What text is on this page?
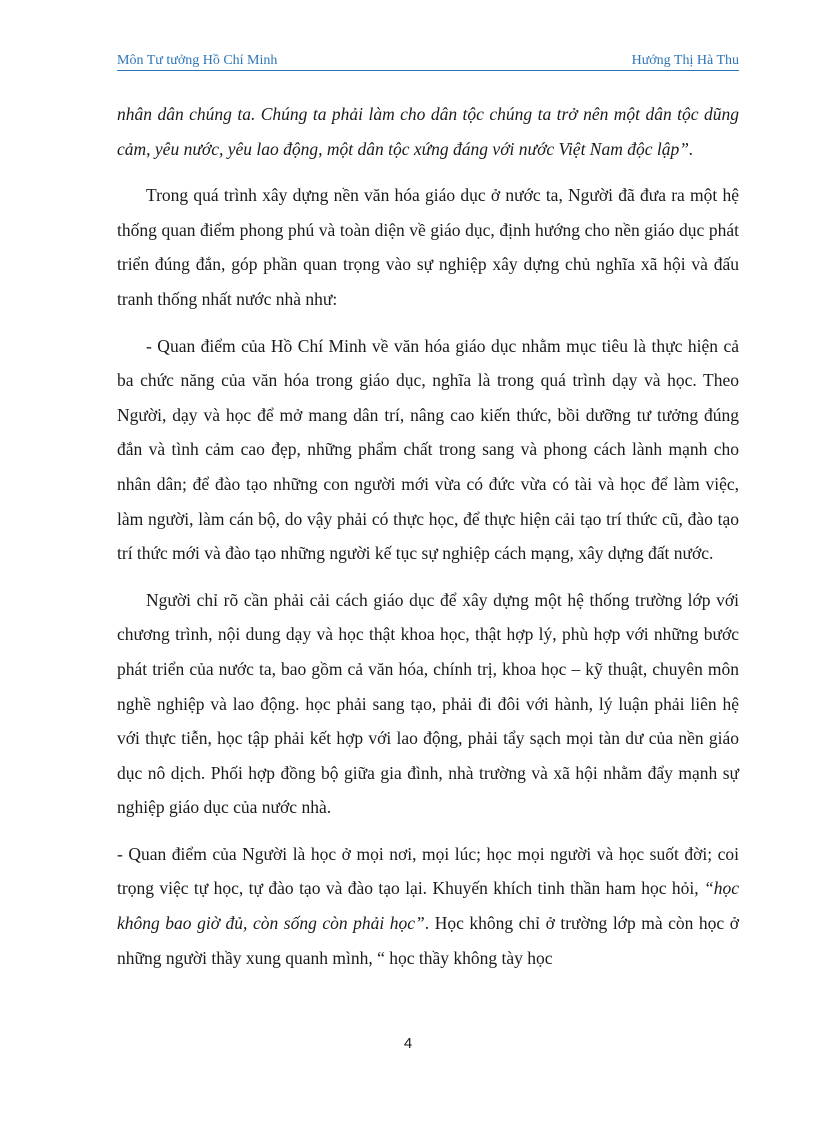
Môn Tư tưởng Hồ Chí Minh	Hướng Thị Hà Thu

nhân dân chúng ta. Chúng ta phải làm cho dân tộc chúng ta trở nên một dân tộc dũng cảm, yêu nước, yêu lao động, một dân tộc xứng đáng với nước Việt Nam độc lập”.

Trong quá trình xây dựng nền văn hóa giáo dục ở nước ta, Người đã đưa ra một hệ thống quan điểm phong phú và toàn diện về giáo dục, định hướng cho nền giáo dục phát triển đúng đắn, góp phần quan trọng vào sự nghiệp xây dựng chủ nghĩa xã hội và đấu tranh thống nhất nước nhà như:

- Quan điểm của Hồ Chí Minh về văn hóa giáo dục nhằm mục tiêu là thực hiện cả ba chức năng của văn hóa trong giáo dục, nghĩa là trong quá trình dạy và học. Theo Người, dạy và học để mở mang dân trí, nâng cao kiến thức, bồi dưỡng tư tưởng đúng đắn và tình cảm cao đẹp, những phẩm chất trong sang và phong cách lành mạnh cho nhân dân; để đào tạo những con người mới vừa có đức vừa có tài và học để làm việc, làm người, làm cán bộ, do vậy phải có thực học, để thực hiện cải tạo trí thức cũ, đào tạo trí thức mới và đào tạo những người kế tục sự nghiệp cách mạng, xây dựng đất nước.

Người chỉ rõ cần phải cải cách giáo dục để xây dựng một hệ thống trường lớp với chương trình, nội dung dạy và học thật khoa học, thật hợp lý, phù hợp với những bước phát triển của nước ta, bao gồm cả văn hóa, chính trị, khoa học – kỹ thuật, chuyên môn nghề nghiệp và lao động. học phải sang tạo, phải đi đôi với hành, lý luận phải liên hệ với thực tiễn, học tập phải kết hợp với lao động, phải tẩy sạch mọi tàn dư của nền giáo dục nô dịch. Phối hợp đồng bộ giữa gia đình, nhà trường và xã hội nhằm đẩy mạnh sự nghiệp giáo dục của nước nhà.

- Quan điểm của Người là học ở mọi nơi, mọi lúc; học mọi người và học suốt đời; coi trọng việc tự học, tự đào tạo và đào tạo lại. Khuyến khích tinh thần ham học hỏi, “học không bao giờ đủ, còn sống còn phải học”. Học không chỉ ở trường lớp mà còn học ở những người thầy xung quanh mình, “ học thầy không tày học

4
